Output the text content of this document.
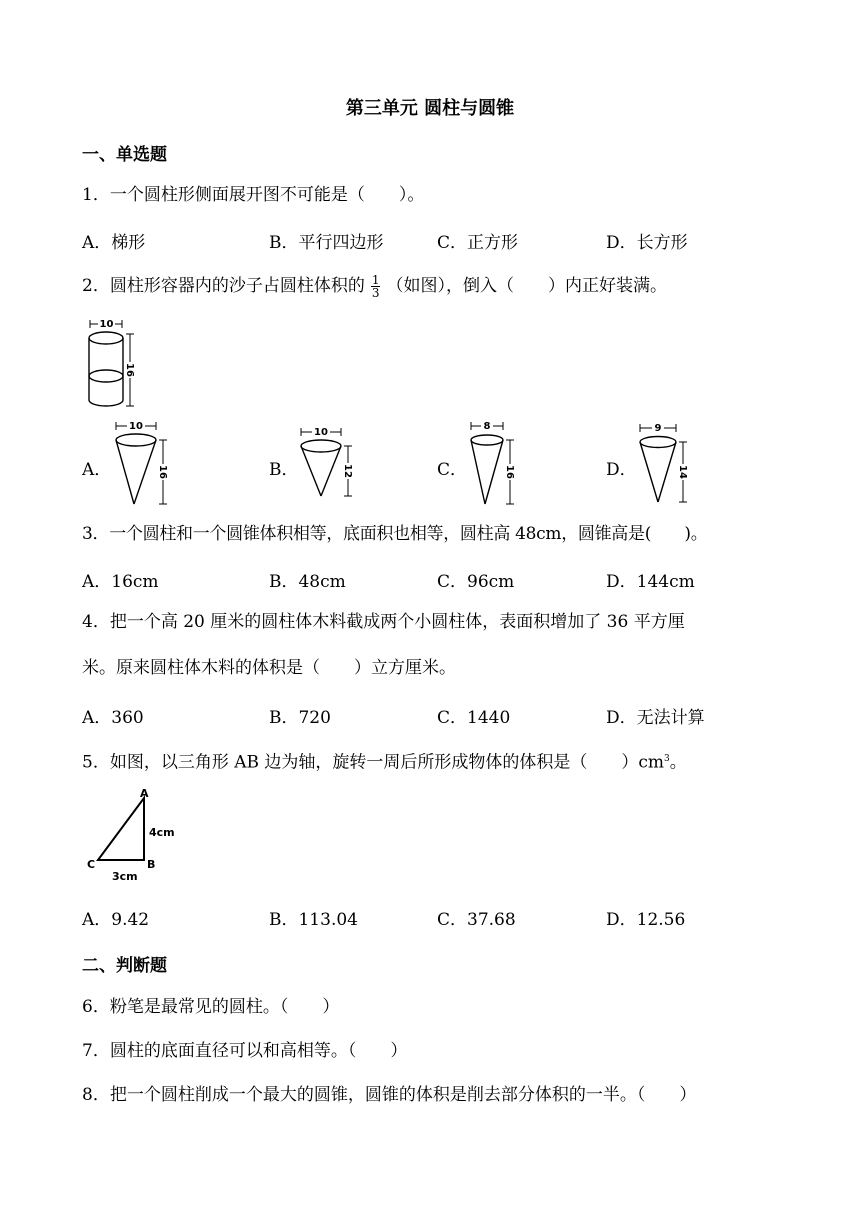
第三单元 圆柱与圆锥
一、单选题
1．一个圆柱形侧面展开图不可能是（　　）。
A．梯形	B．平行四边形	C．正方形	D．长方形
2．圆柱形容器内的沙子占圆柱体积的 $\frac{1}{3}$ （如图），倒入（　　）内正好装满。
10
16
A．
10
16	B．
10
12	C．
8
16	D．
9
14
3．一个圆柱和一个圆锥体积相等，底面积也相等，圆柱高 48cm，圆锥高是(　　)。
A．16cm	B．48cm	C．96cm	D．144cm
4．把一个高 20 厘米的圆柱体木料截成两个小圆柱体，表面积增加了 36 平方厘
米。原来圆柱体木料的体积是（　　）立方厘米。
A．360	B．720	C．1440	D．无法计算
5．如图，以三角形 AB 边为轴，旋转一周后所形成物体的体积是（　　）$cm^3$。
A
B
C
4cm
3cm
A．9.42	B．113.04	C．37.68	D．12.56
二、判断题
6．粉笔是最常见的圆柱。（　　）
7．圆柱的底面直径可以和高相等。（　　）
8．把一个圆柱削成一个最大的圆锥，圆锥的体积是削去部分体积的一半。（　　）
